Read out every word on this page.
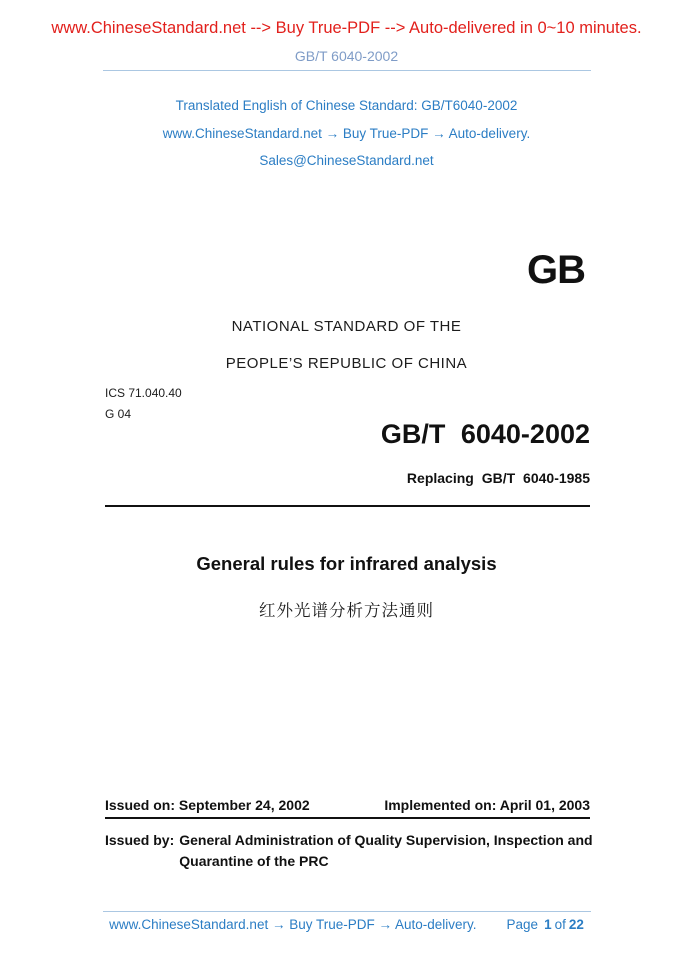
www.ChineseStandard.net --> Buy True-PDF --> Auto-delivered in 0~10 minutes.
GB/T 6040-2002
Translated English of Chinese Standard: GB/T6040-2002
www.ChineseStandard.net → Buy True-PDF → Auto-delivery.
Sales@ChineseStandard.net
GB
NATIONAL STANDARD OF THE
PEOPLE’S REPUBLIC OF CHINA
ICS 71.040.40
G 04
GB/T 6040-2002
Replacing GB/T 6040-1985
General rules for infrared analysis
红外光谱分析方法通则
Issued on: September 24, 2002	Implemented on: April 01, 2003
Issued by: General Administration of Quality Supervision, Inspection and
Quarantine of the PRC
www.ChineseStandard.net → Buy True-PDF → Auto-delivery. Page 1 of 22
